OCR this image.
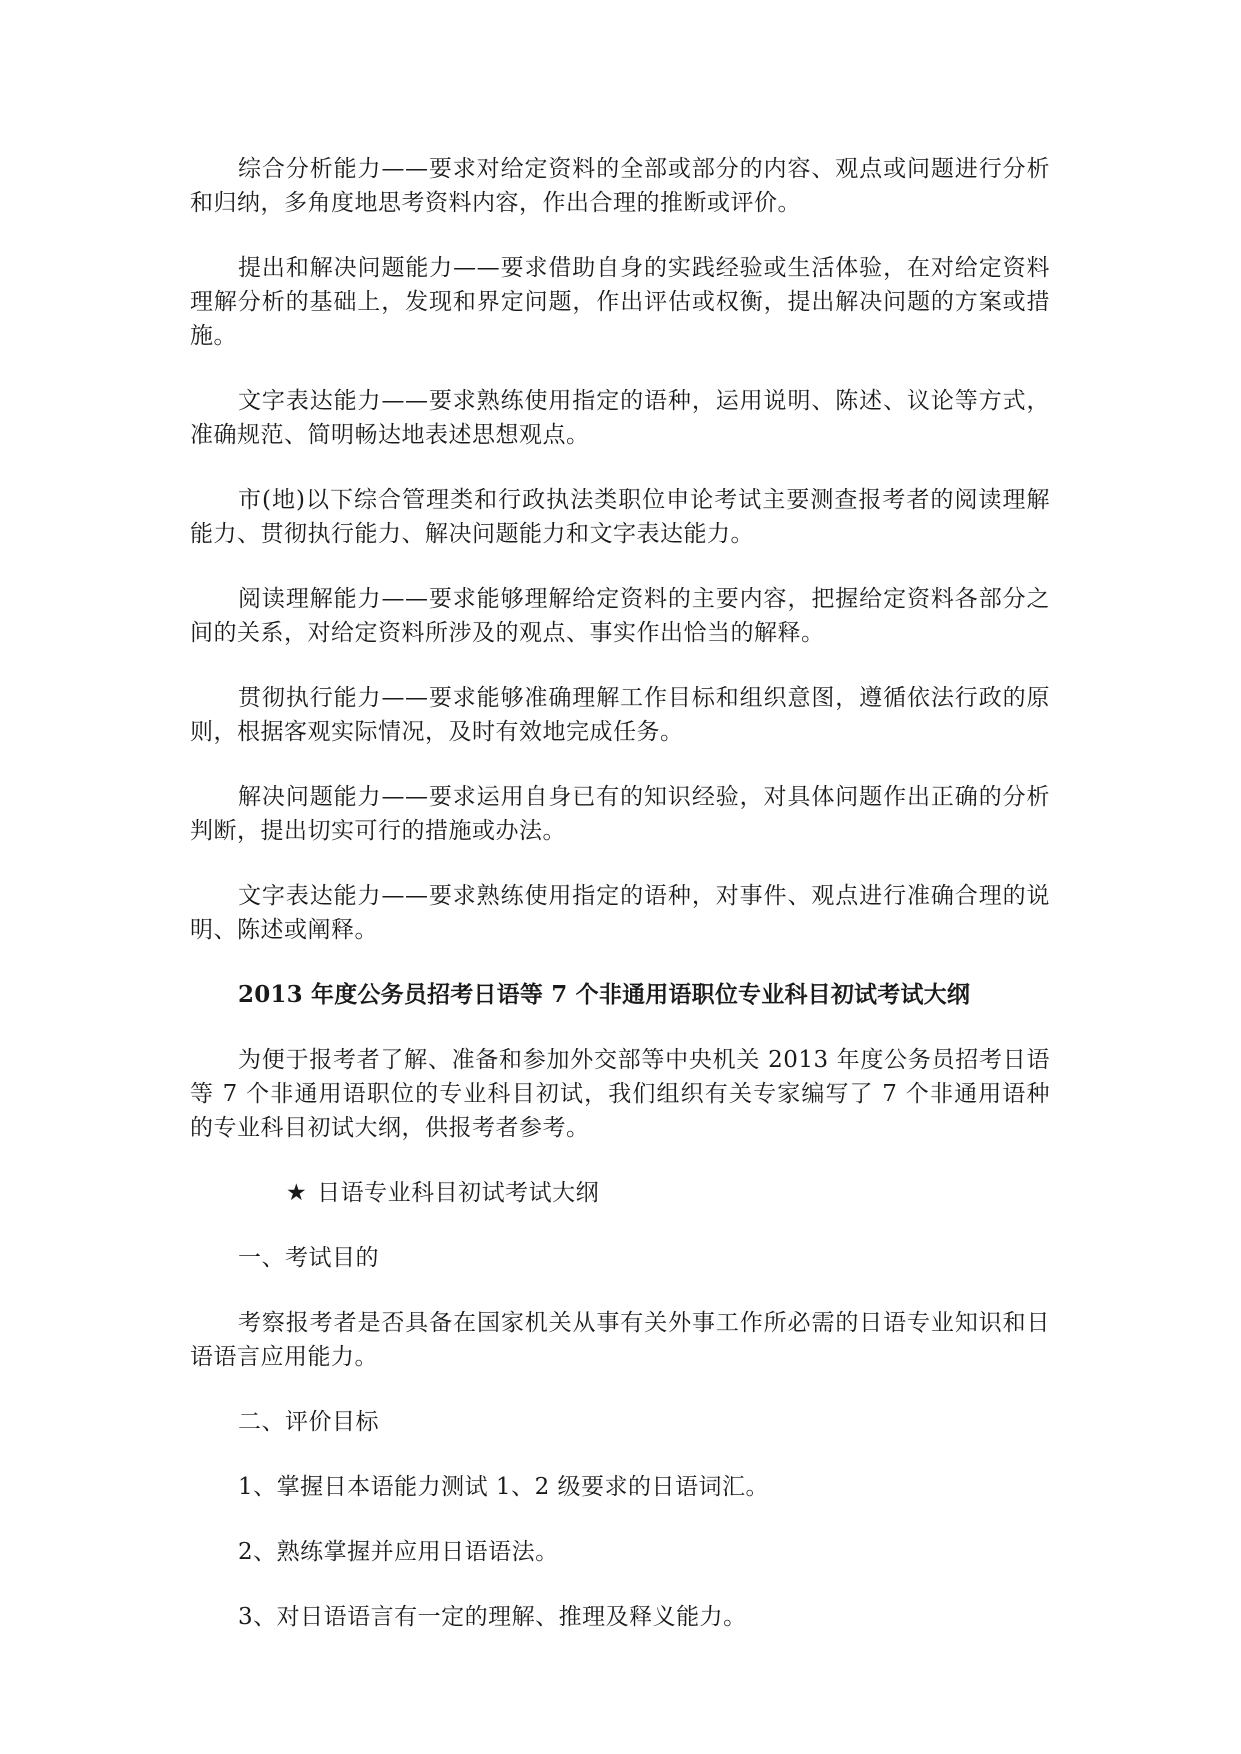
综合分析能力——要求对给定资料的全部或部分的内容、观点或问题进行分析和归纳，多角度地思考资料内容，作出合理的推断或评价。

提出和解决问题能力——要求借助自身的实践经验或生活体验，在对给定资料理解分析的基础上，发现和界定问题，作出评估或权衡，提出解决问题的方案或措施。

文字表达能力——要求熟练使用指定的语种，运用说明、陈述、议论等方式，准确规范、简明畅达地表述思想观点。

市(地)以下综合管理类和行政执法类职位申论考试主要测查报考者的阅读理解能力、贯彻执行能力、解决问题能力和文字表达能力。

阅读理解能力——要求能够理解给定资料的主要内容，把握给定资料各部分之间的关系，对给定资料所涉及的观点、事实作出恰当的解释。

贯彻执行能力——要求能够准确理解工作目标和组织意图，遵循依法行政的原则，根据客观实际情况，及时有效地完成任务。

解决问题能力——要求运用自身已有的知识经验，对具体问题作出正确的分析判断，提出切实可行的措施或办法。

文字表达能力——要求熟练使用指定的语种，对事件、观点进行准确合理的说明、陈述或阐释。

2013 年度公务员招考日语等 7 个非通用语职位专业科目初试考试大纲

为便于报考者了解、准备和参加外交部等中央机关 2013 年度公务员招考日语等 7 个非通用语职位的专业科目初试，我们组织有关专家编写了 7 个非通用语种的专业科目初试大纲，供报考者参考。

★ 日语专业科目初试考试大纲

一、考试目的

考察报考者是否具备在国家机关从事有关外事工作所必需的日语专业知识和日语语言应用能力。

二、评价目标

1、掌握日本语能力测试 1、2 级要求的日语词汇。

2、熟练掌握并应用日语语法。

3、对日语语言有一定的理解、推理及释义能力。
